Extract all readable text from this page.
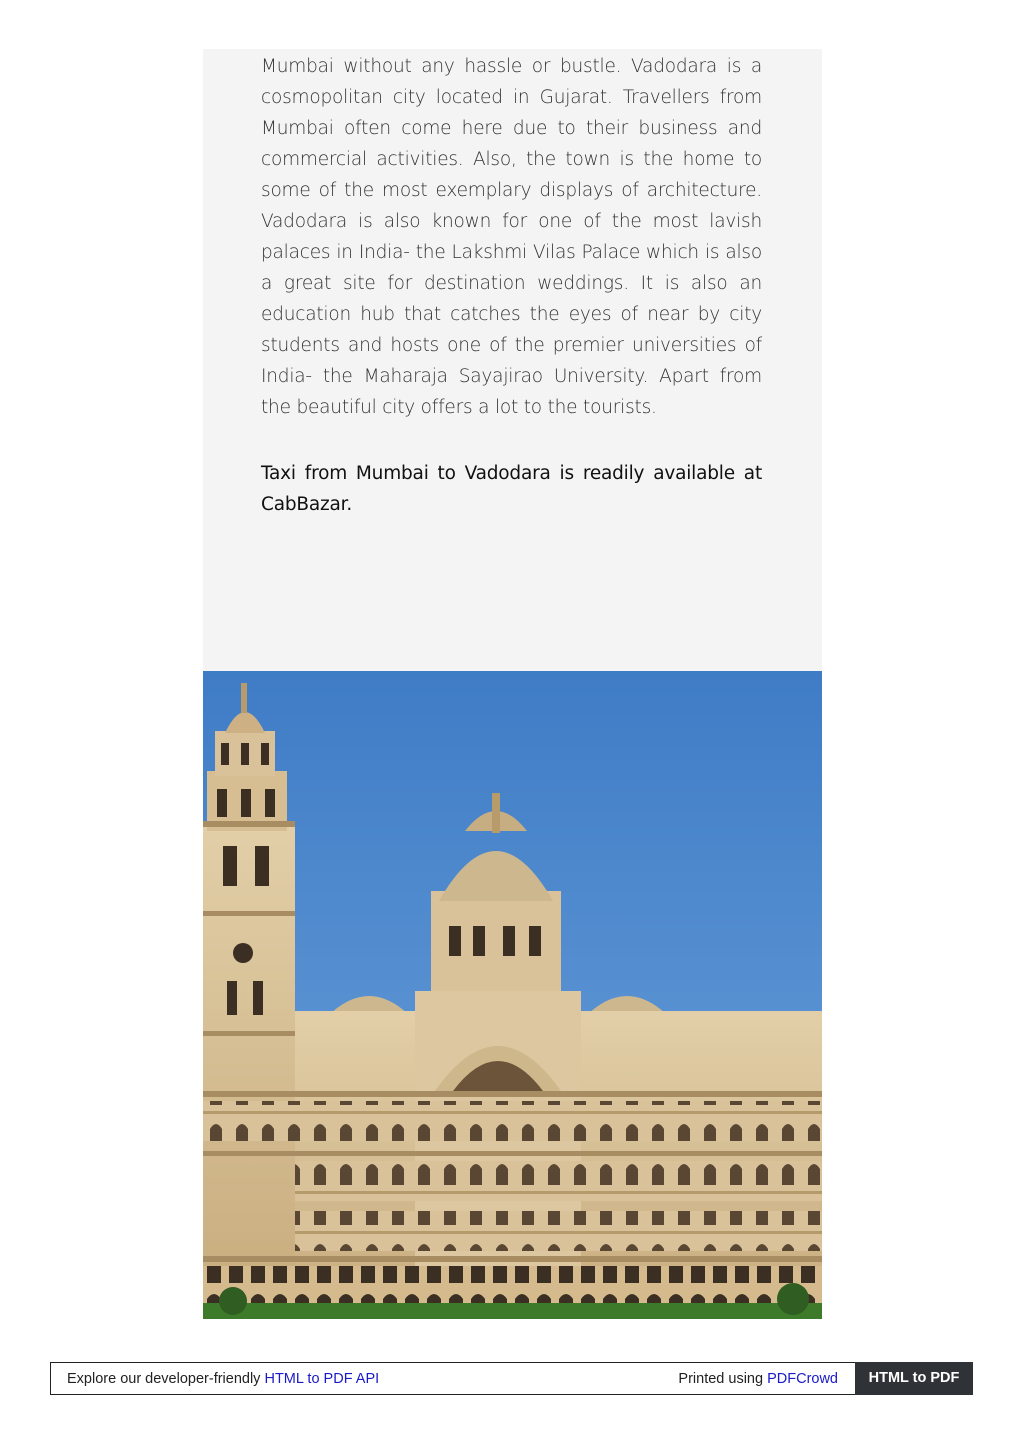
Mumbai without any hassle or bustle. Vadodara is a cosmopolitan city located in Gujarat. Travellers from Mumbai often come here due to their business and commercial activities. Also, the town is the home to some of the most exemplary displays of architecture. Vadodara is also known for one of the most lavish palaces in India- the Lakshmi Vilas Palace which is also a great site for destination weddings. It is also an education hub that catches the eyes of near by city students and hosts one of the premier universities of India- the Maharaja Sayajirao University. Apart from the beautiful city offers a lot to the tourists.

Taxi from Mumbai to Vadodara is readily available at CabBazar.

Explore our developer-friendly HTML to PDF API	Printed using PDFCrowd	HTML to PDF
